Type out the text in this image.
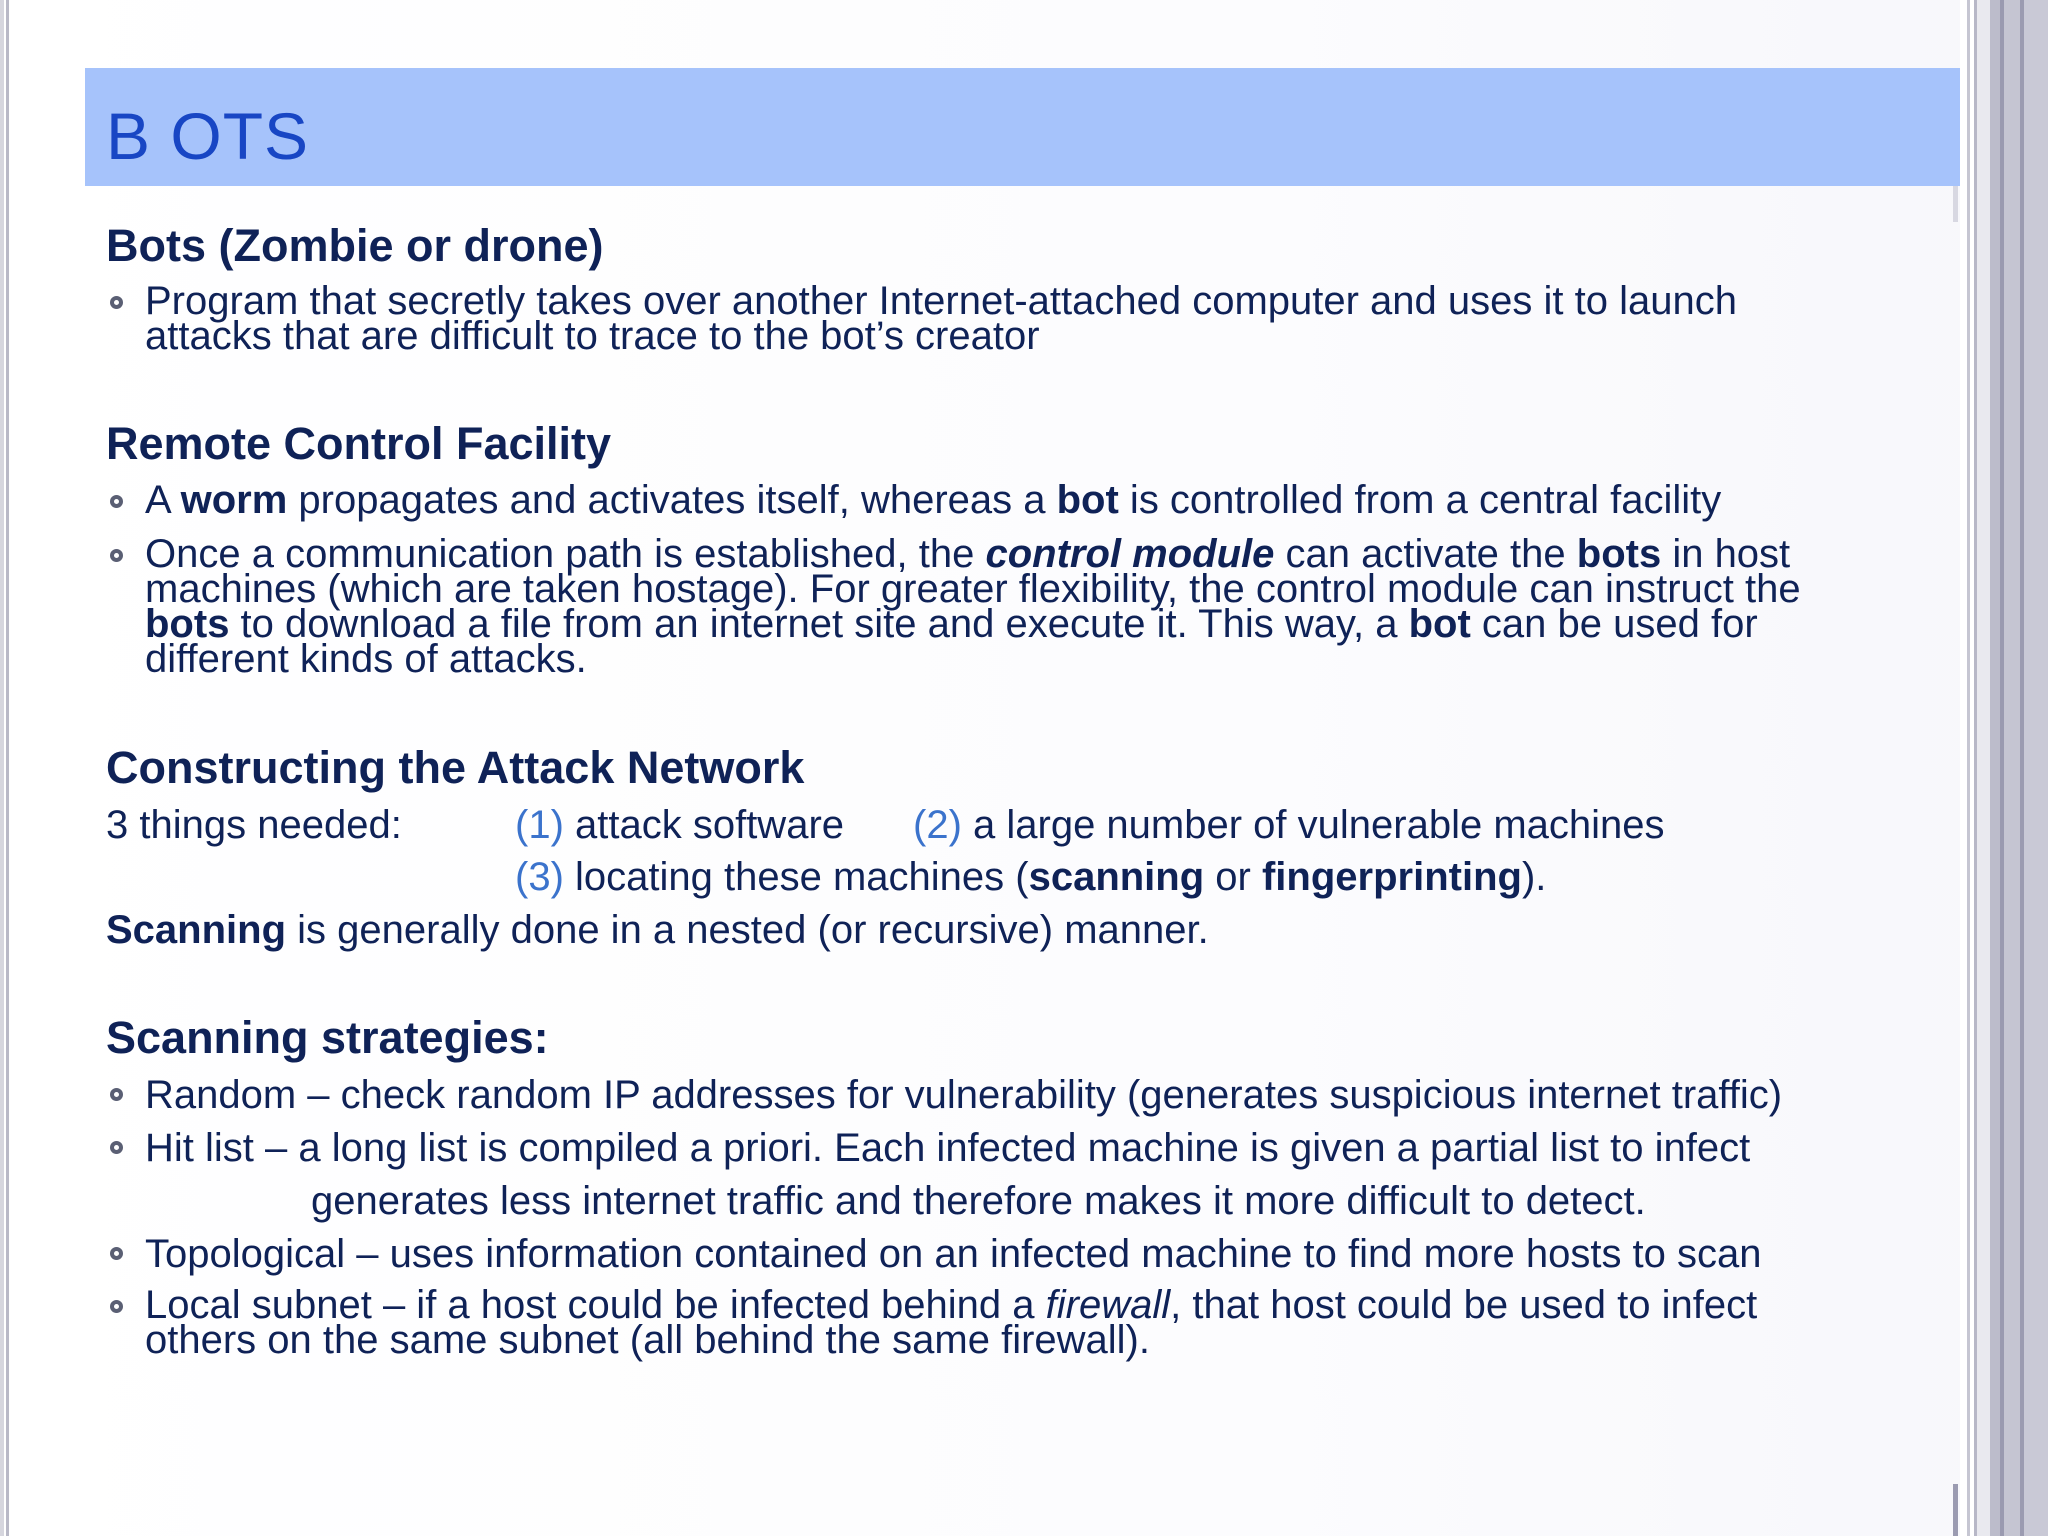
B OTS
Bots (Zombie or drone)

Program that secretly takes over another Internet-attached computer and uses it to launch
attacks that are difficult to trace to the bot’s creator

Remote Control Facility

A worm propagates and activates itself, whereas a bot is controlled from a central facility

Once a communication path is established, the control module can activate the bots in host
machines (which are taken hostage). For greater flexibility, the control module can instruct the
bots to download a file from an internet site and execute it. This way, a bot can be used for
different kinds of attacks.

Constructing the Attack Network

3 things needed:	(1) attack software (2) a large number of vulnerable machines

(3) locating these machines (scanning or fingerprinting).

Scanning is generally done in a nested (or recursive) manner.

Scanning strategies:

Random – check random IP addresses for vulnerability (generates suspicious internet traffic)

Hit list – a long list is compiled a priori. Each infected machine is given a partial list to infect

generates less internet traffic and therefore makes it more difficult to detect.

Topological – uses information contained on an infected machine to find more hosts to scan

Local subnet – if a host could be infected behind a firewall, that host could be used to infect
others on the same subnet (all behind the same firewall).
